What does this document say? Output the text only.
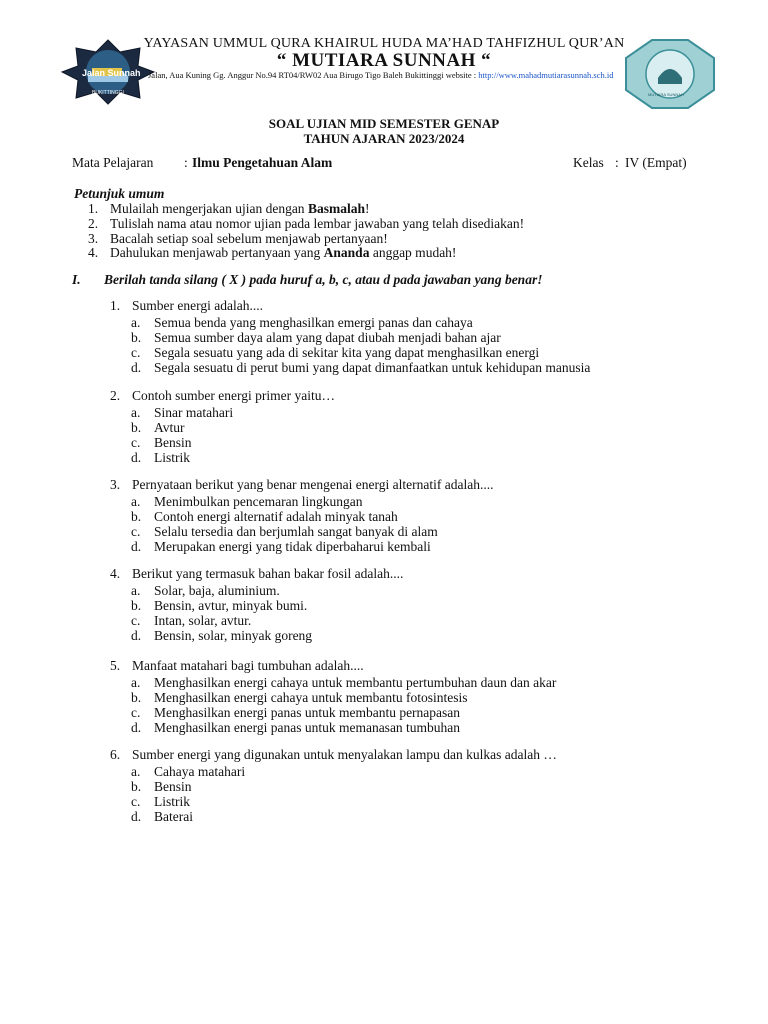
Jalan Sunnah
BUKITTINGGI	MUTIARA SUNNAH
YAYASAN UMMUL QURA KHAIRUL HUDA MA’HAD TAHFIZHUL QUR’AN
“ MUTIARA SUNNAH “
Jalan, Aua Kuning Gg. Anggur No.94 RT04/RW02 Aua Birugo Tigo Baleh Bukittinggi website : http://www.mahadmutiarasunnah.sch.id
SOAL UJIAN MID SEMESTER GENAP
TAHUN AJARAN 2023/2024
Mata Pelajaran : Ilmu Pengetahuan Alam	Kelas : IV (Empat)
Petunjuk umum
1. Mulailah mengerjakan ujian dengan Basmalah!
2. Tulislah nama atau nomor ujian pada lembar jawaban yang telah disediakan!
3. Bacalah setiap soal sebelum menjawab pertanyaan!
4. Dahulukan menjawab pertanyaan yang Ananda anggap mudah!
I. Berilah tanda silang ( X ) pada huruf a, b, c, atau d pada jawaban yang benar!
1. Sumber energi adalah....
a. Semua benda yang menghasilkan emergi panas dan cahaya
b. Semua sumber daya alam yang dapat diubah menjadi bahan ajar
c. Segala sesuatu yang ada di sekitar kita yang dapat menghasilkan energi
d. Segala sesuatu di perut bumi yang dapat dimanfaatkan untuk kehidupan manusia
2. Contoh sumber energi primer yaitu…
a. Sinar matahari
b. Avtur
c. Bensin
d. Listrik
3. Pernyataan berikut yang benar mengenai energi alternatif adalah....
a. Menimbulkan pencemaran lingkungan
b. Contoh energi alternatif adalah minyak tanah
c. Selalu tersedia dan berjumlah sangat banyak di alam
d. Merupakan energi yang tidak diperbaharui kembali
4. Berikut yang termasuk bahan bakar fosil adalah....
a. Solar, baja, aluminium.
b. Bensin, avtur, minyak bumi.
c. Intan, solar, avtur.
d. Bensin, solar, minyak goreng
5. Manfaat matahari bagi tumbuhan adalah....
a. Menghasilkan energi cahaya untuk membantu pertumbuhan daun dan akar
b. Menghasilkan energi cahaya untuk membantu fotosintesis
c. Menghasilkan energi panas untuk membantu pernapasan
d. Menghasilkan energi panas untuk memanasan tumbuhan
6. Sumber energi yang digunakan untuk menyalakan lampu dan kulkas adalah …
a. Cahaya matahari
b. Bensin
c. Listrik
d. Baterai
